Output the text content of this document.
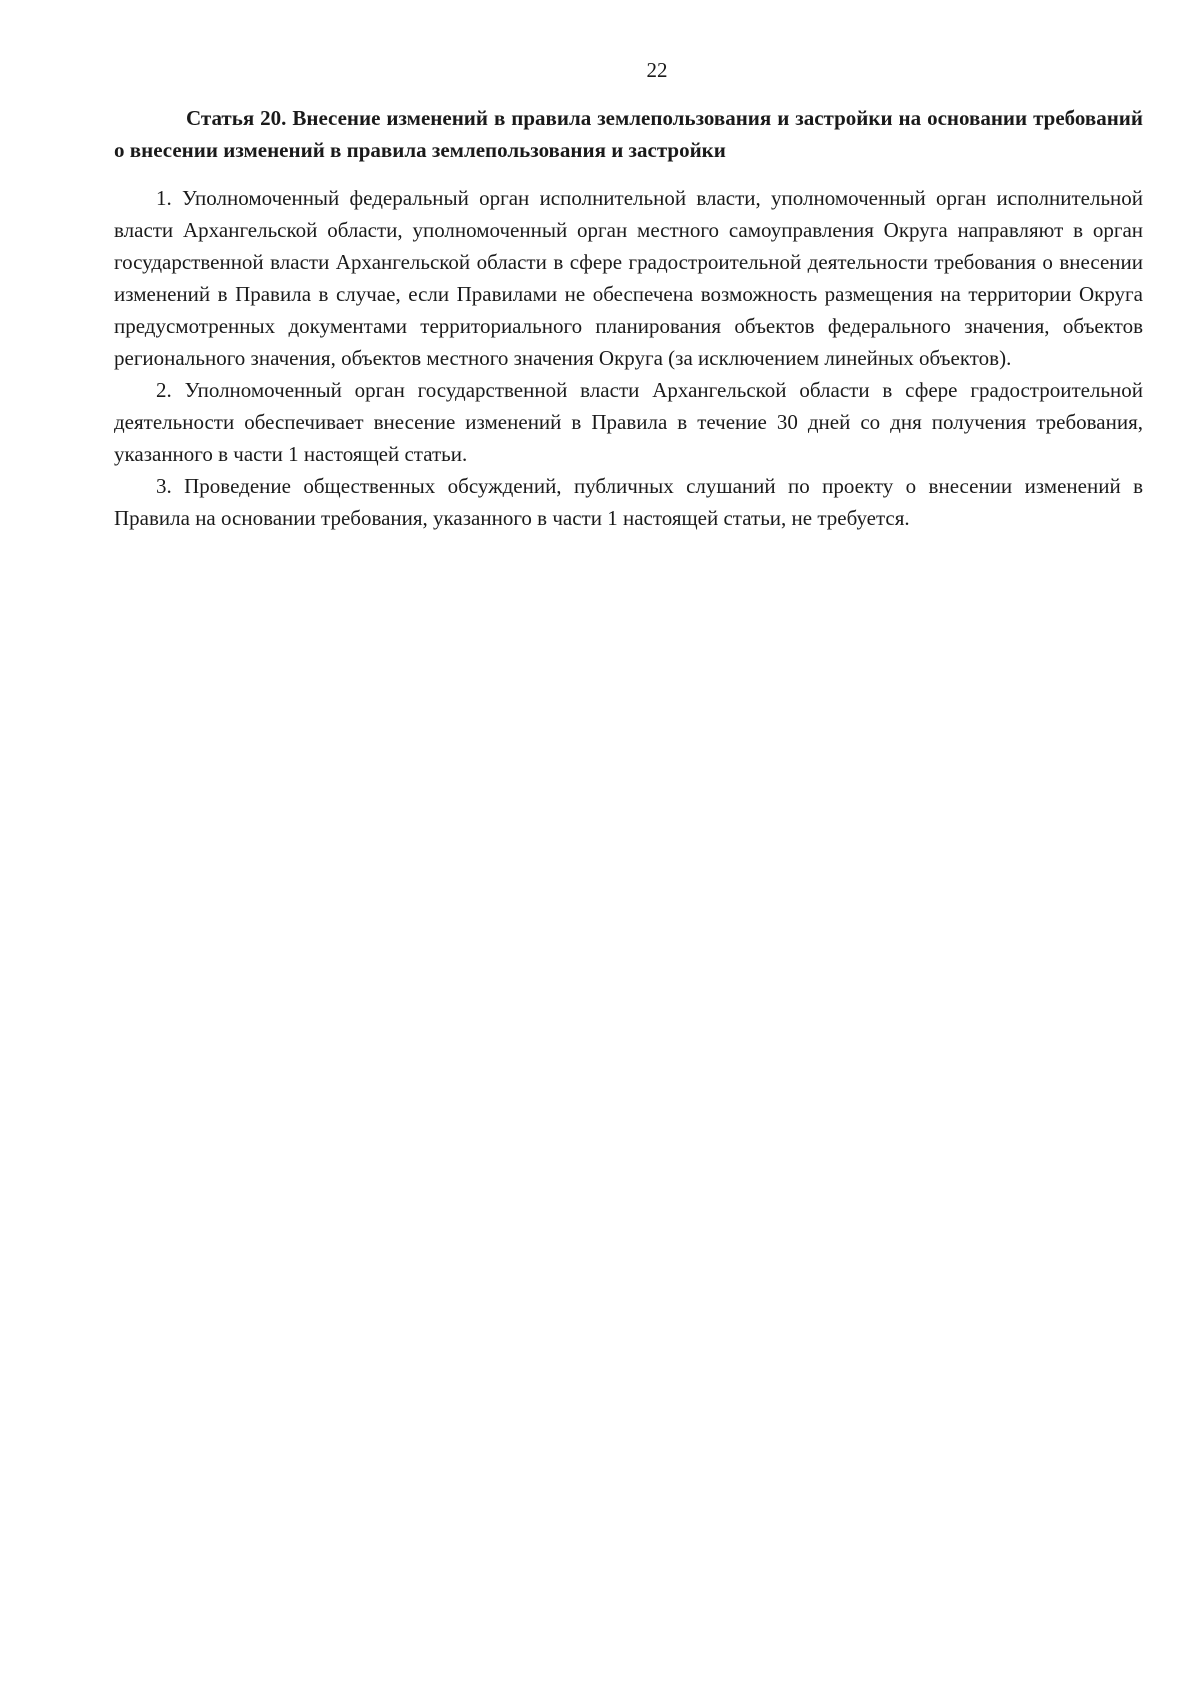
22

Статья 20. Внесение изменений в правила землепользования и застройки на основании требований о внесении изменений в правила землепользования и застройки

1. Уполномоченный федеральный орган исполнительной власти, уполномоченный орган исполнительной власти Архангельской области, уполномоченный орган местного самоуправления Округа направляют в орган государственной власти Архангельской области в сфере градостроительной деятельности требования о внесении изменений в Правила в случае, если Правилами не обеспечена возможность размещения на территории Округа предусмотренных документами территориального планирования объектов федерального значения, объектов регионального значения, объектов местного значения Округа (за исключением линейных объектов).

2. Уполномоченный орган государственной власти Архангельской области в сфере градостроительной деятельности обеспечивает внесение изменений в Правила в течение 30 дней со дня получения требования, указанного в части 1 настоящей статьи.

3. Проведение общественных обсуждений, публичных слушаний по проекту о внесении изменений в Правила на основании требования, указанного в части 1 настоящей статьи, не требуется.
